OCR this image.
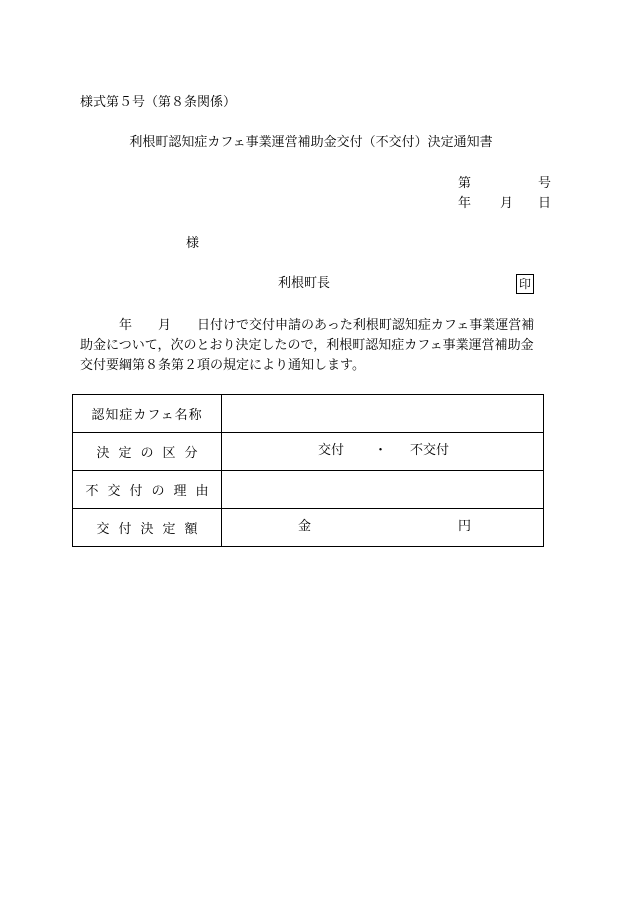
様式第５号（第８条関係）
利根町認知症カフェ事業運営補助金交付（不交付）決定通知書
第	号
年 月 日
様
利根町長	印
　　　年　　月　　日付けで交付申請のあった利根町認知症カフェ事業運営補
助金について，次のとおり決定したので，利根町認知症カフェ事業運営補助金
交付要綱第８条第２項の規定により通知します。
認知症カフェ名称	
決定の区分	交付 ・ 不交付

不交付の理由	
交付決定額	金 円
